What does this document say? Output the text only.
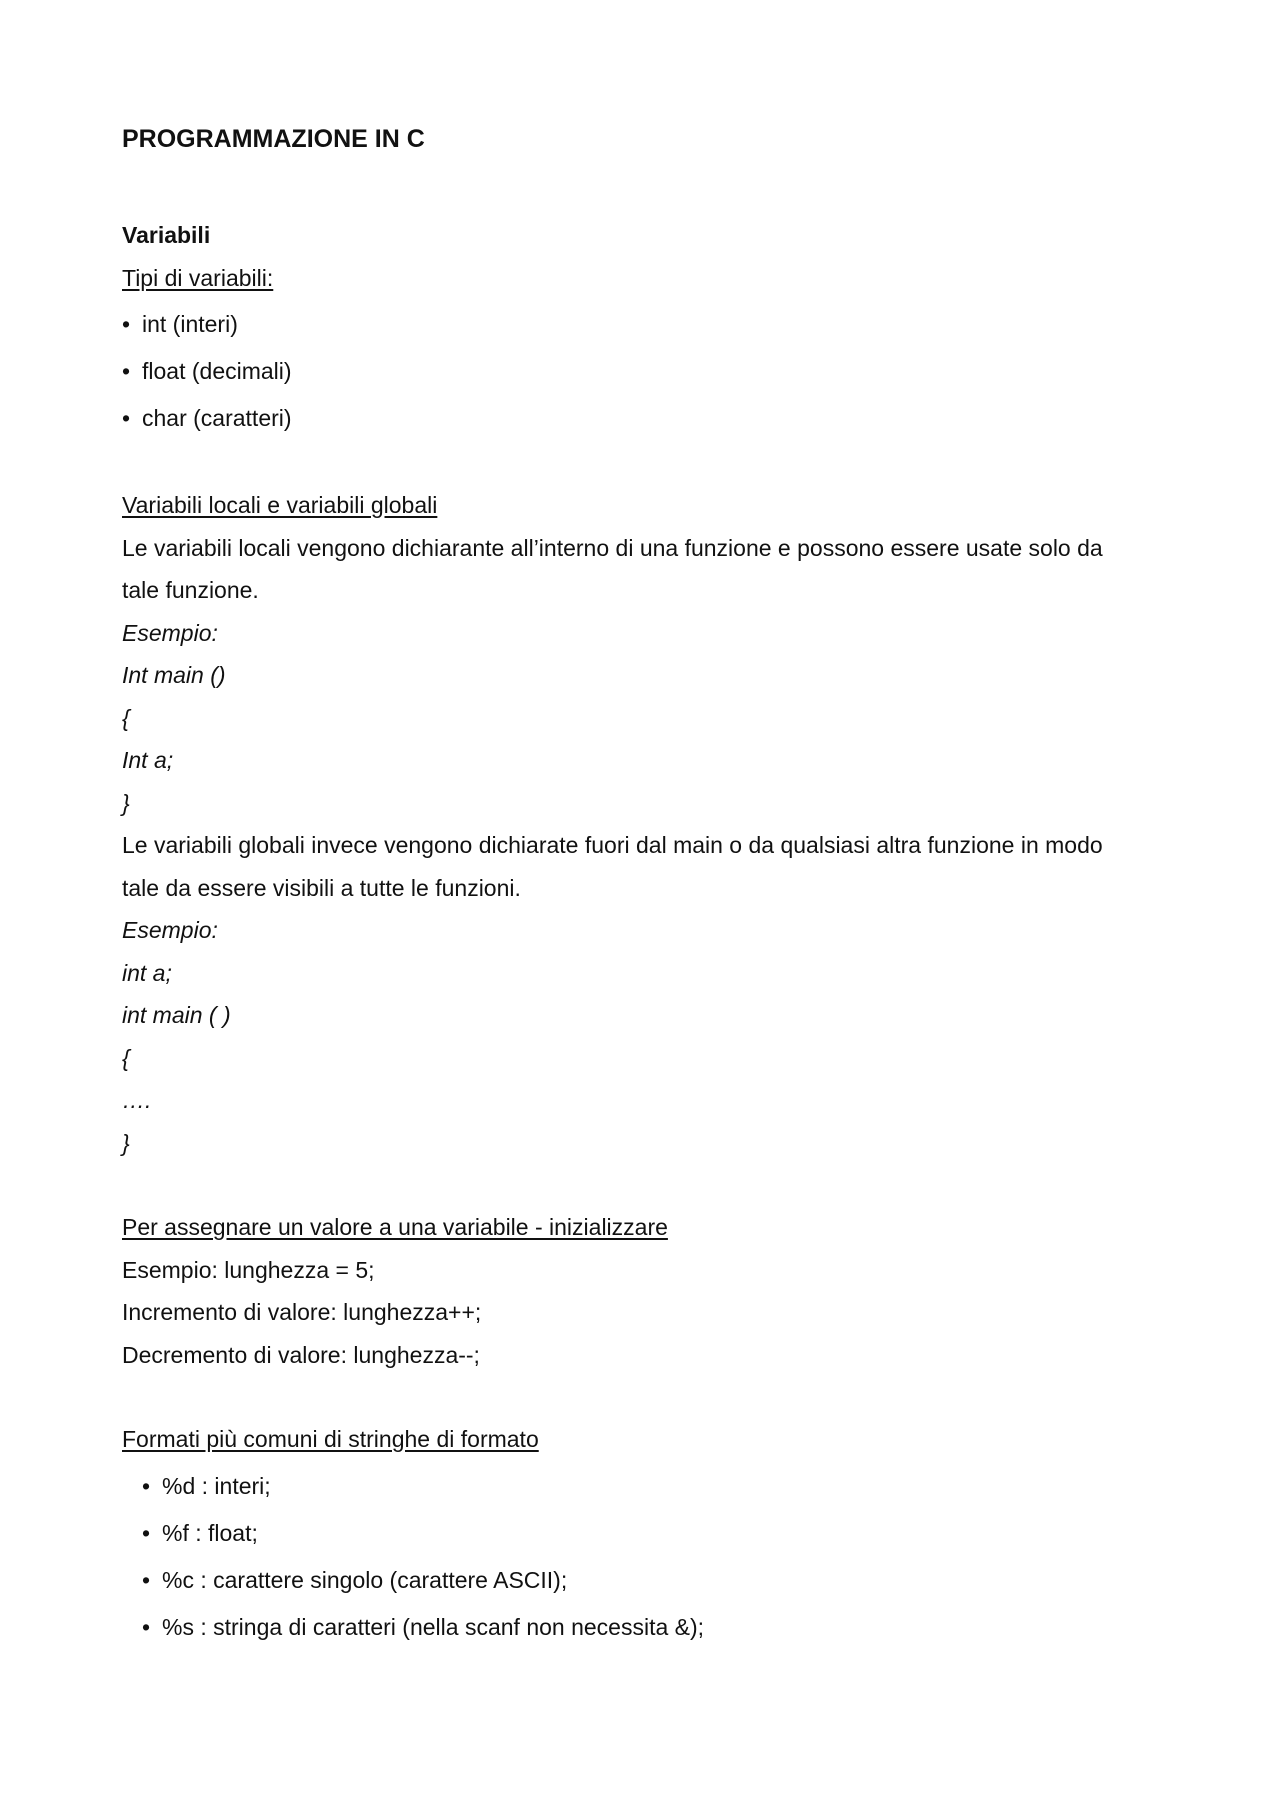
PROGRAMMAZIONE IN C

Variabili

Tipi di variabili:

• int (interi)
• float (decimali)
• char (caratteri)

Variabili locali e variabili globali

Le variabili locali vengono dichiarante all’interno di una funzione e possono essere usate solo da

tale funzione.

Esempio:

Int main ()

{

Int a;

}

Le variabili globali invece vengono dichiarate fuori dal main o da qualsiasi altra funzione in modo

tale da essere visibili a tutte le funzioni.

Esempio:

int a;

int main ( )

{

….

}

Per assegnare un valore a una variabile - inizializzare

Esempio: lunghezza = 5;

Incremento di valore: lunghezza++;

Decremento di valore: lunghezza--;

Formati più comuni di stringhe di formato

• %d : interi;
• %f : float;
• %c : carattere singolo (carattere ASCII);
• %s : stringa di caratteri (nella scanf non necessita &);
